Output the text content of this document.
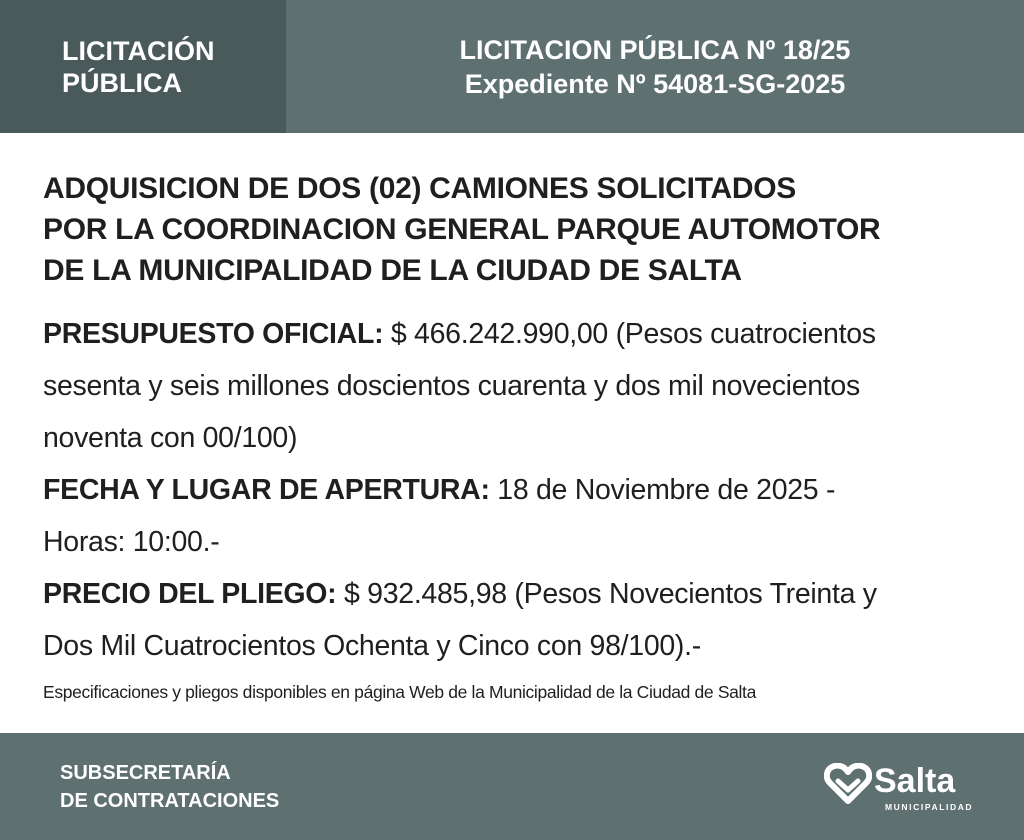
LICITACIÓN
PÚBLICA
LICITACION PÚBLICA Nº 18/25
Expediente Nº 54081-SG-2025
ADQUISICION DE DOS (02) CAMIONES SOLICITADOS
POR LA COORDINACION GENERAL PARQUE AUTOMOTOR
DE LA MUNICIPALIDAD DE LA CIUDAD DE SALTA
PRESUPUESTO OFICIAL: $ 466.242.990,00 (Pesos cuatrocientos
sesenta y seis millones doscientos cuarenta y dos mil novecientos
noventa con 00/100)
FECHA Y LUGAR DE APERTURA: 18 de Noviembre de 2025 -
Horas: 10:00.-
PRECIO DEL PLIEGO: $ 932.485,98 (Pesos Novecientos Treinta y
Dos Mil Cuatrocientos Ochenta y Cinco con 98/100).-
Especificaciones y pliegos disponibles en página Web de la Municipalidad de la Ciudad de Salta
SUBSECRETARÍA
DE CONTRATACIONES
Salta
MUNICIPALIDAD
